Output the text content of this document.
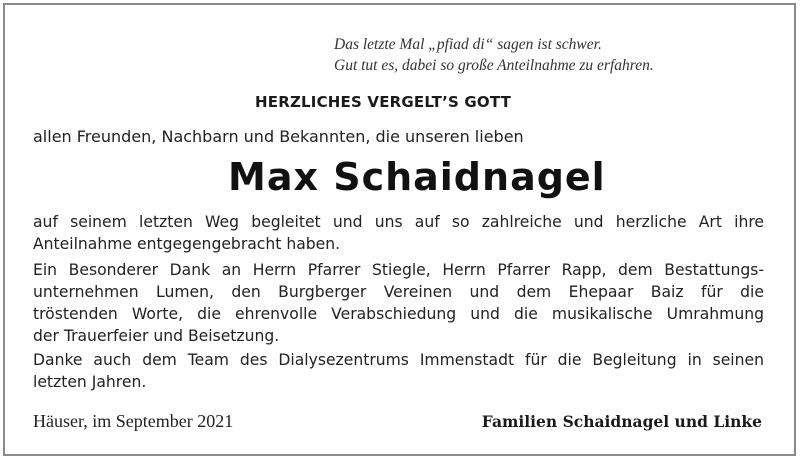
Das letzte Mal „pfiad di“ sagen ist schwer.
Gut tut es, dabei so große Anteilnahme zu erfahren.
HERZLICHES VERGELT’S GOTT
allen Freunden, Nachbarn und Bekannten, die unseren lieben
Max Schaidnagel
auf seinem letzten Weg begleitet und uns auf so zahlreiche und herzliche Art ihre
Anteilnahme entgegengebracht haben.
Ein Besonderer Dank an Herrn Pfarrer Stiegle, Herrn Pfarrer Rapp, dem Bestattungs-
unternehmen Lumen, den Burgberger Vereinen und dem Ehepaar Baiz für die
tröstenden Worte, die ehrenvolle Verabschiedung und die musikalische Umrahmung
der Trauerfeier und Beisetzung.
Danke auch dem Team des Dialysezentrums Immenstadt für die Begleitung in seinen
letzten Jahren.
Häuser, im September 2021	Familien Schaidnagel und Linke
